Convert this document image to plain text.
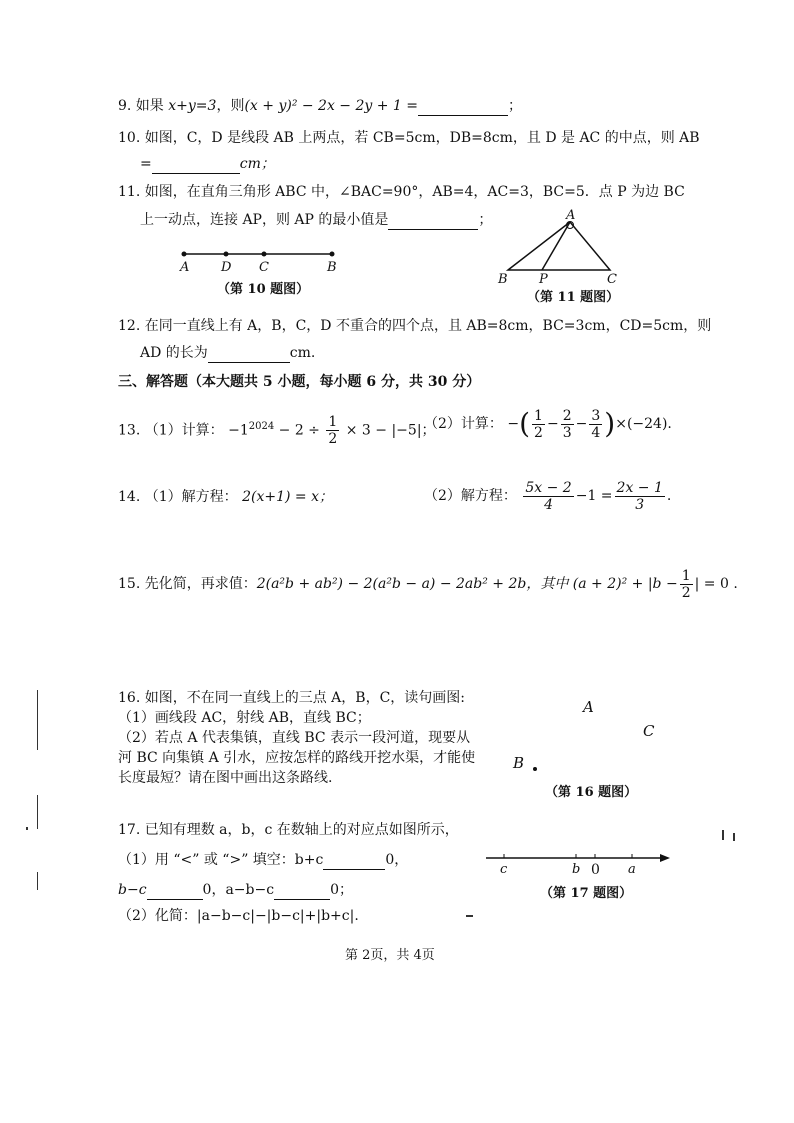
9. 如果 x+y=3，则(x + y)² − 2x − 2y + 1 =	；
10. 如图，C，D 是线段 AB 上两点，若 CB=5cm，DB=8cm，且 D 是 AC 的中点，则 AB
=	cm；
11. 如图，在直角三角形 ABC 中，∠BAC=90°，AB=4，AC=3，BC=5．点 P 为边 BC
上一动点，连接 AP，则 AP 的最小值是	；
A D C	B
（第 10 题图）
A
B P	C
（第 11 题图）
12. 在同一直线上有 A，B，C，D 不重合的四个点，且 AB=8cm，BC=3cm，CD=5cm，则
AD 的长为	cm.
三、解答题（本大题共 5 小题，每小题 6 分，共 30 分）
13. （1）计算： $-1^{2024} - 2 \div \frac{1}{2} \times 3 - |-5|$；
（2）计算： −( $\frac{1}{2} - \frac{2}{3} - \frac{3}{4} )\times(-24)$.
14. （1）解方程： 2(x+1) = x；	（2）解方程： $\frac{5x - 2}{4} -1 = \frac{2x - 1}{3}$ .
15. 先化简，再求值：2(a²b + ab²) − 2(a²b − a) − 2ab² + 2b，其中 $(a + 2)^2 + |b - \frac{1}{2}$ | = 0 .
16. 如图，不在同一直线上的三点 A，B，C，读句画图:
（1）画线段 AC，射线 AB，直线 BC；
（2）若点 A 代表集镇，直线 BC 表示一段河道，现要从
河 BC 向集镇 A 引水，应按怎样的路线开挖水渠，才能使
长度最短？请在图中画出这条路线.
A
C
B
（第 16 题图）
17. 已知有理数 a，b，c 在数轴上的对应点如图所示，
（1）用 “<” 或 “>” 填空：b+c	0，
b−c	0，a−b−c	0；
（2）化简：|a−b−c|−|b−c|+|b+c|.
c	b 0 a
（第 17 题图）
第 2页，共 4页
